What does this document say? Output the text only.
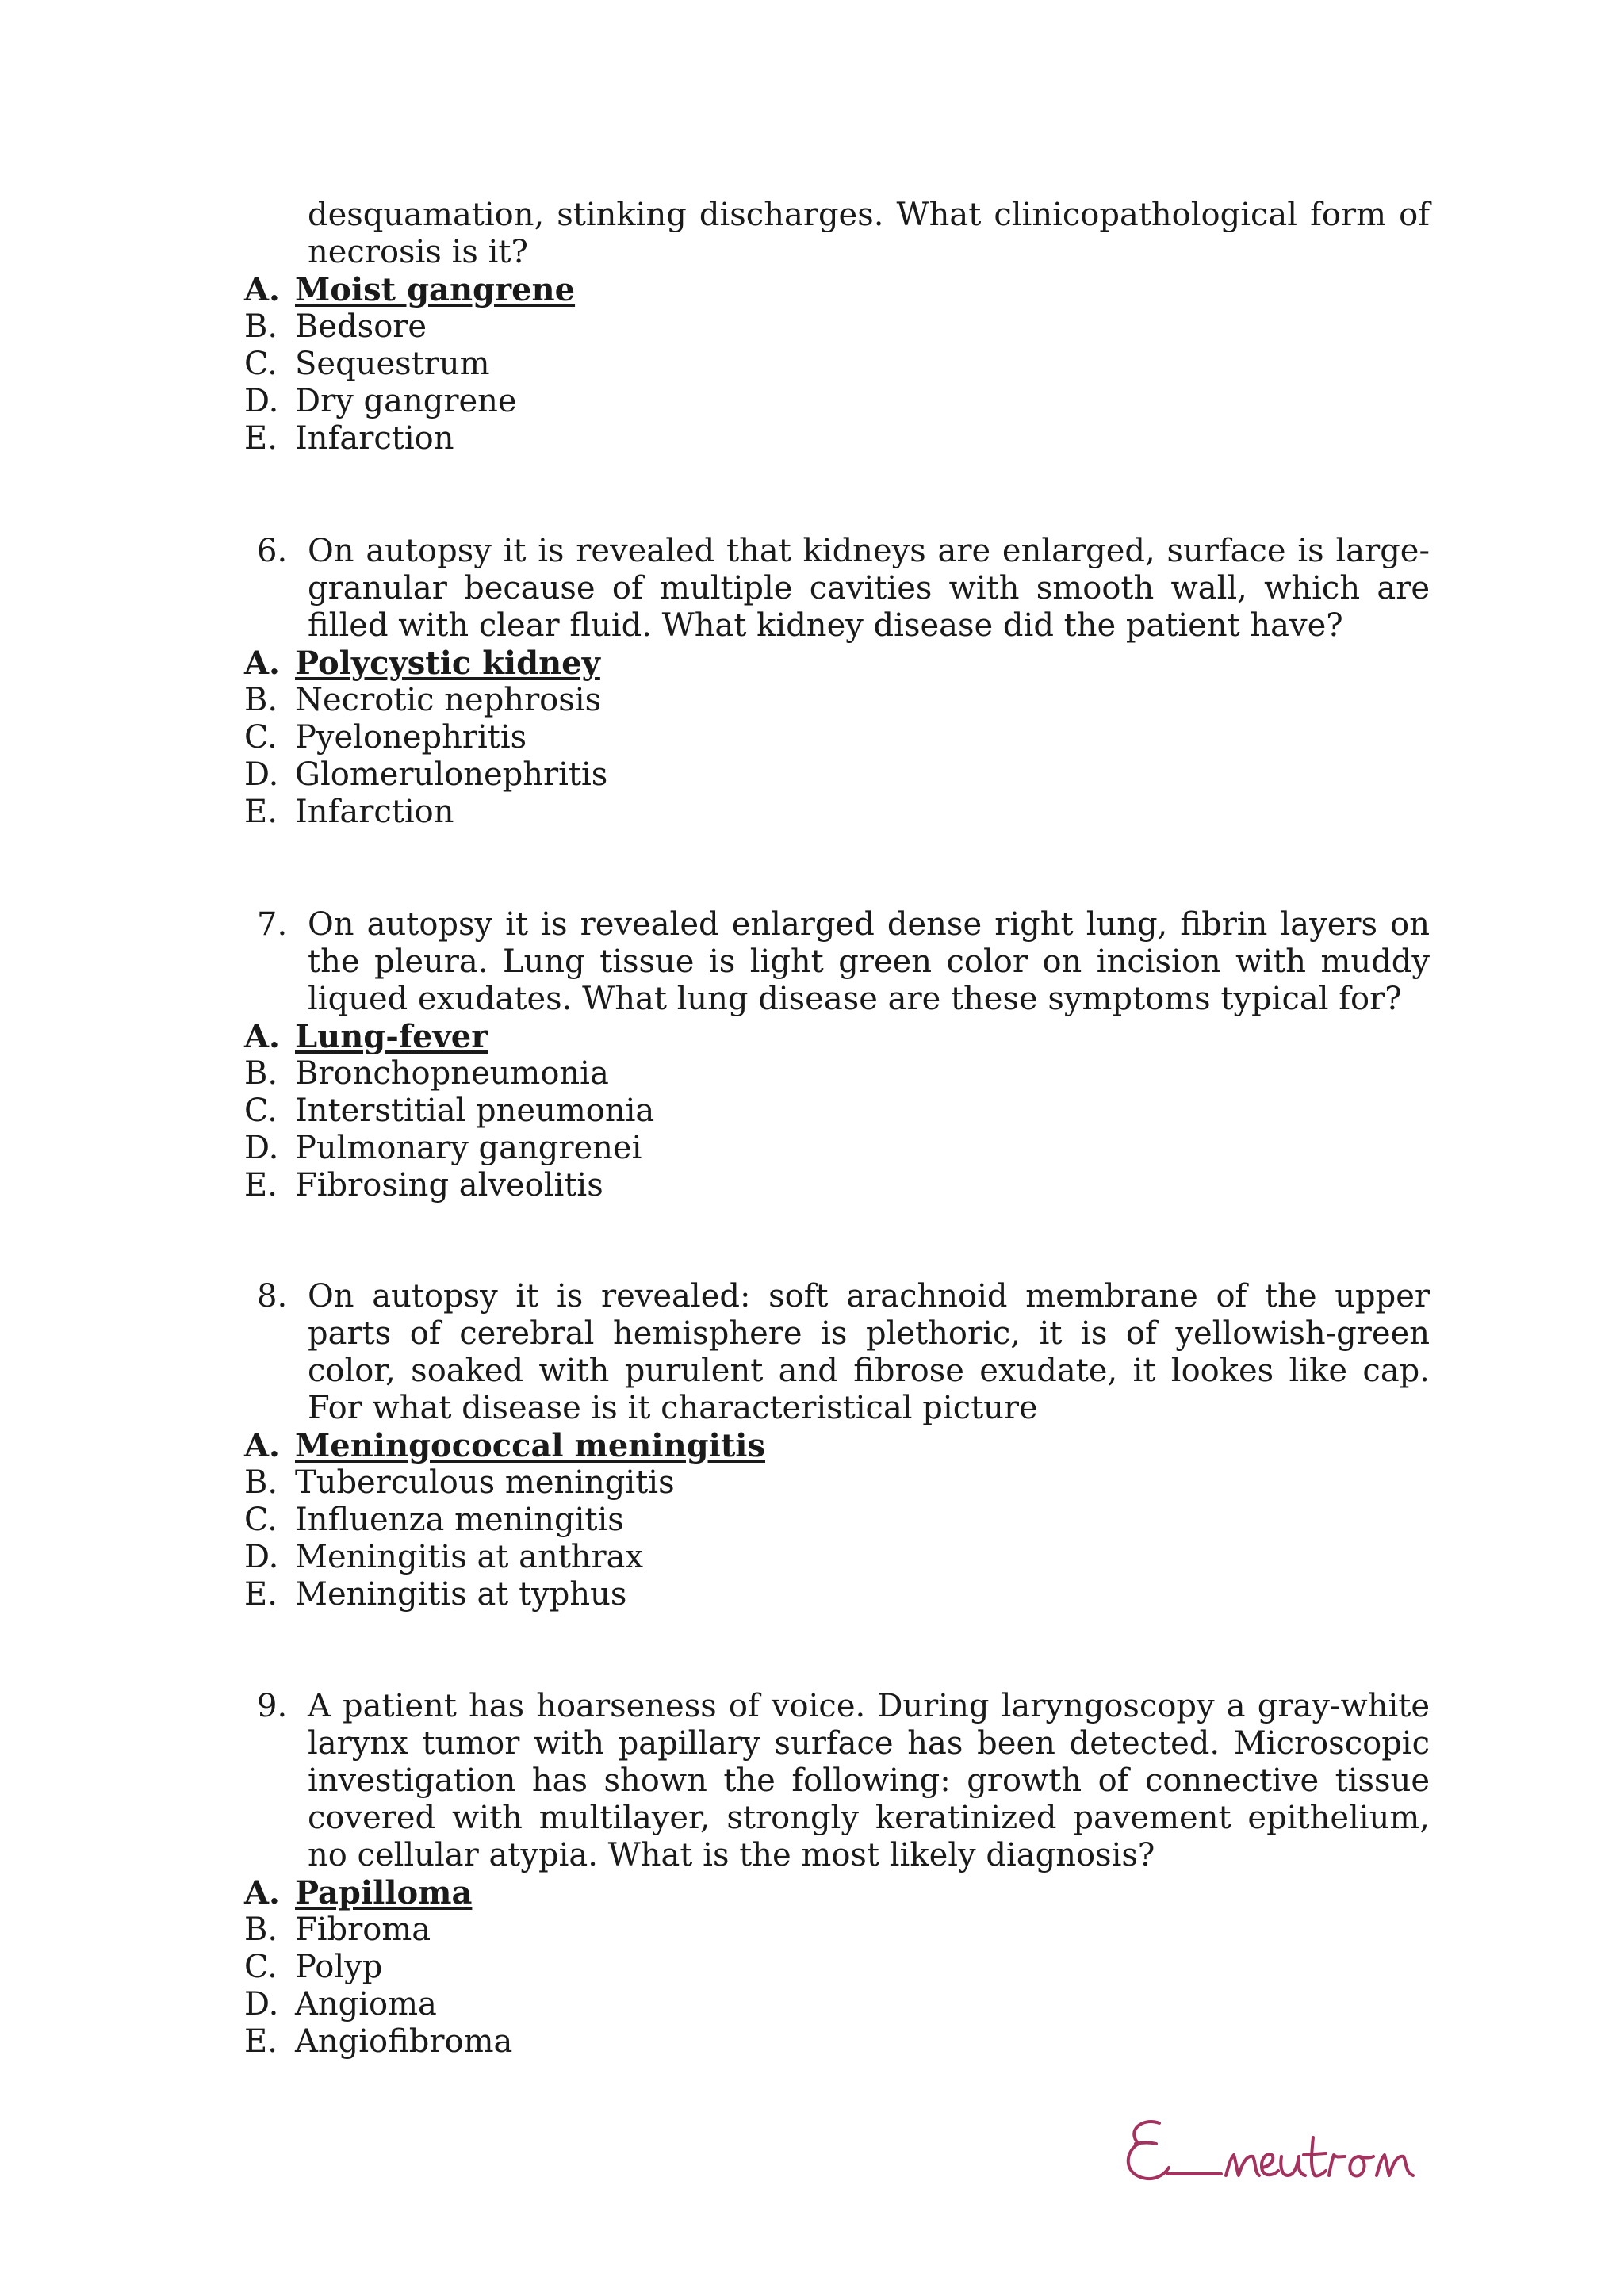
desquamation, stinking discharges. What clinicopathological form of necrosis is it?
A. Moist gangrene
B. Bedsore
C. Sequestrum
D. Dry gangrene
E. Infarction
6. On autopsy it is revealed that kidneys are enlarged, surface is large-granular because of multiple cavities with smooth wall, which are filled with clear fluid. What kidney disease did the patient have?
A. Polycystic kidney
B. Necrotic nephrosis
C. Pyelonephritis
D. Glomerulonephritis
E. Infarction
7. On autopsy it is revealed enlarged dense right lung, fibrin layers on the pleura. Lung tissue is light green color on incision with muddy liqued exudates. What lung disease are these symptoms typical for?
A. Lung-fever
B. Bronchopneumonia
C. Interstitial pneumonia
D. Pulmonary gangrenei
E. Fibrosing alveolitis
8. On autopsy it is revealed: soft arachnoid membrane of the upper parts of cerebral hemisphere is plethoric, it is of yellowish-green color, soaked with purulent and fibrose exudate, it lookes like cap. For what disease is it characteristical picture
A. Meningococcal meningitis
B. Tuberculous meningitis
C. Influenza meningitis
D. Meningitis at anthrax
E. Meningitis at typhus
9. A patient has hoarseness of voice. During laryngoscopy a gray-white larynx tumor with papillary surface has been detected. Microscopic investigation has shown the following: growth of connective tissue covered with multilayer, strongly keratinized pavement epithelium, no cellular atypia. What is the most likely diagnosis?
A. Papilloma
B. Fibroma
C. Polyp
D. Angioma
E. Angiofibroma
